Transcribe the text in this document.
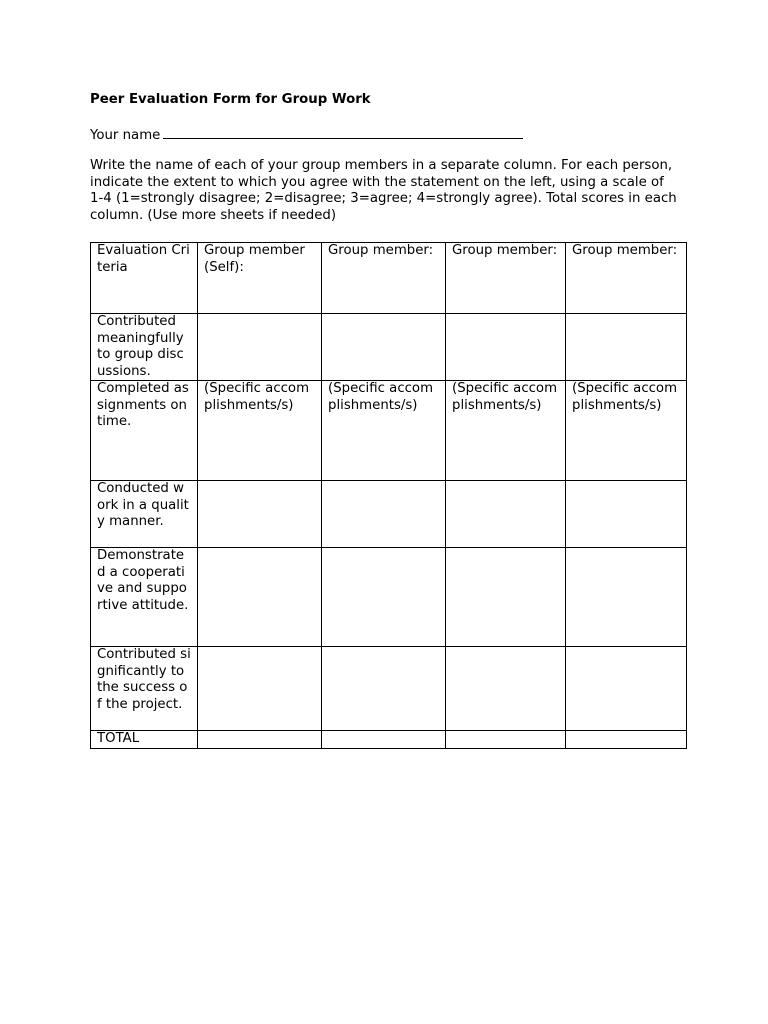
Peer Evaluation Form for Group Work

Your name
Write the name of each of your group members in a separate column. For each person, indicate the extent to which you agree with the statement on the left, using a scale of 1-4 (1=strongly disagree; 2=disagree; 3=agree; 4=strongly agree). Total scores in each column. (Use more sheets if needed)
Evaluation Criteria	Group member (Self):	Group member:	Group member:	Group member:
Contributed meaningfully to group discussions.				
Completed assignments on time.	(Specific accomplishments/s)	(Specific accomplishments/s)	(Specific accomplishments/s)	(Specific accomplishments/s)
Conducted work in a quality manner.				
Demonstrated a cooperative and supportive attitude.				
Contributed significantly to the success of the project.				
TOTAL				
